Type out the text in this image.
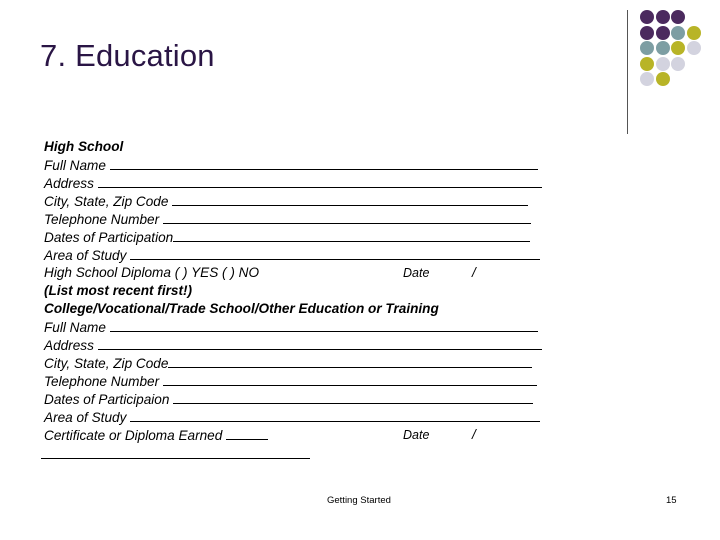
7. Education
High School
Full Name
Address
City, State, Zip Code
Telephone Number
Dates of Participation
Area of Study
High School Diploma ( ) YES ( ) NO	Date	/
(List most recent first!)
College/Vocational/Trade School/Other Education or Training
Full Name
Address
City, State, Zip Code
Telephone Number
Dates of Participaion
Area of Study
Certificate or Diploma Earned	Date	/
Getting Started	15
